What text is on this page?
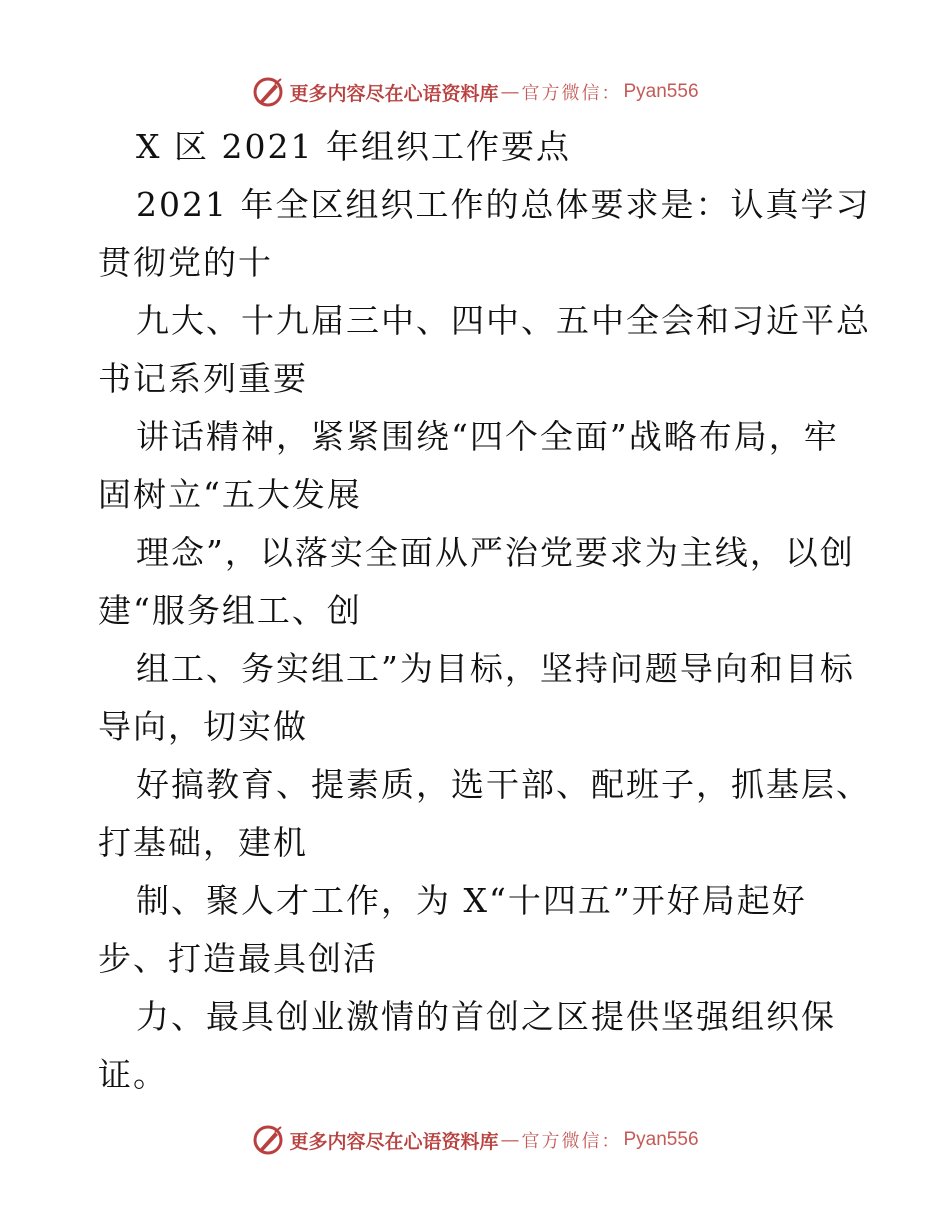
更多内容尽在心语资料库 — 官方微信： Pyan556
X 区 2021 年组织工作要点
2021 年全区组织工作的总体要求是：认真学习
贯彻党的十
九大、十九届三中、四中、五中全会和习近平总
书记系列重要
讲话精神，紧紧围绕“四个全面”战略布局，牢
固树立“五大发展
理念”，以落实全面从严治党要求为主线，以创
建“服务组工、创
组工、务实组工”为目标，坚持问题导向和目标
导向，切实做
好搞教育、提素质，选干部、配班子，抓基层、
打基础，建机
制、聚人才工作，为 X“十四五”开好局起好
步、打造最具创活
力、最具创业激情的首创之区提供坚强组织保
证。
更多内容尽在心语资料库 — 官方微信： Pyan556
